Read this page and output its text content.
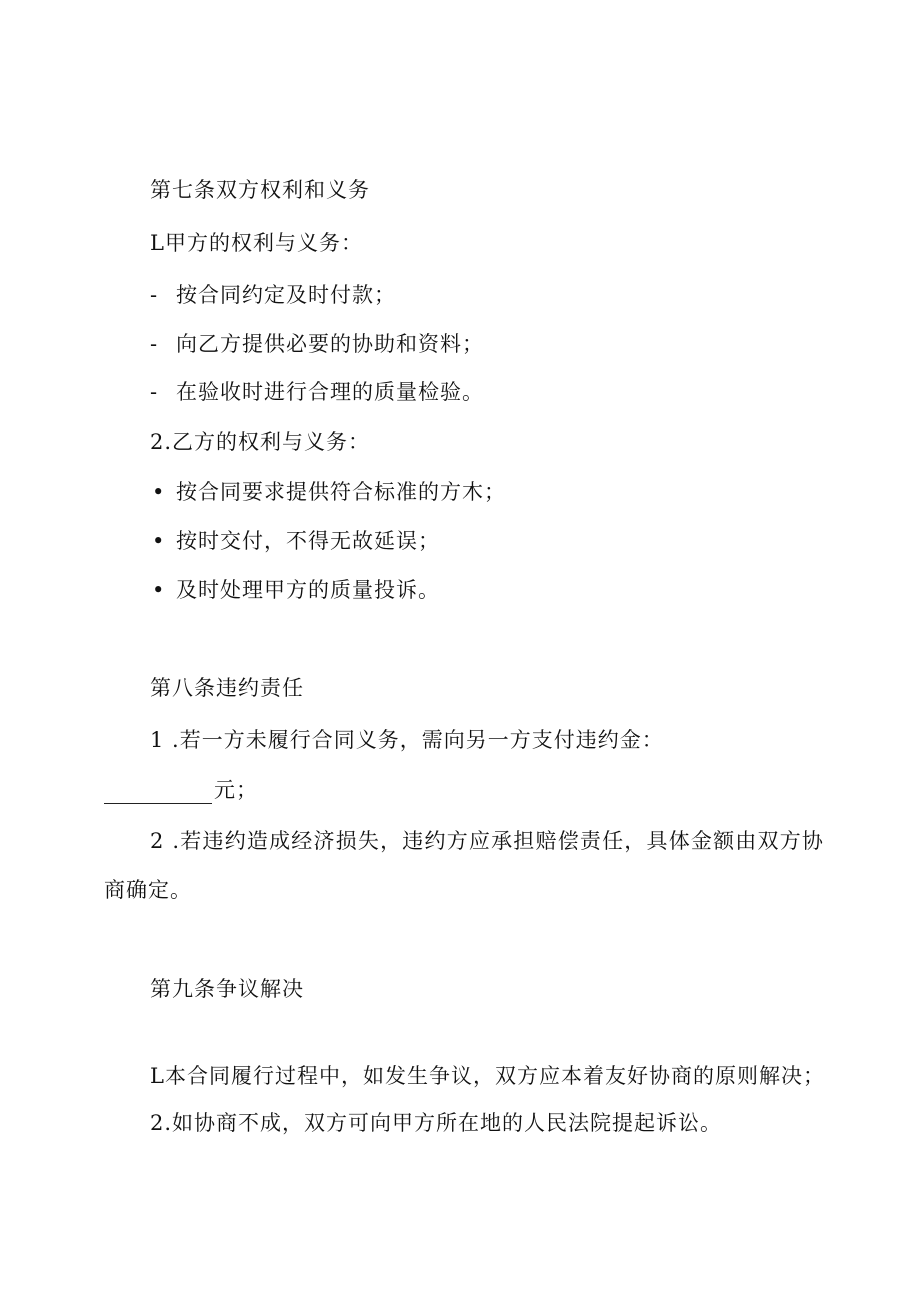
第七条双方权利和义务
L甲方的权利与义务：
- 按合同约定及时付款；
- 向乙方提供必要的协助和资料；
- 在验收时进行合理的质量检验。
2.乙方的权利与义务：
• 按合同要求提供符合标准的方木；
• 按时交付，不得无故延误；
• 及时处理甲方的质量投诉。
第八条违约责任
1 .若一方未履行合同义务，需向另一方支付违约金：
元；
2 .若违约造成经济损失，违约方应承担赔偿责任，具体金额由双方协
商确定。
第九条争议解决
L本合同履行过程中，如发生争议，双方应本着友好协商的原则解决；
2.如协商不成，双方可向甲方所在地的人民法院提起诉讼。
